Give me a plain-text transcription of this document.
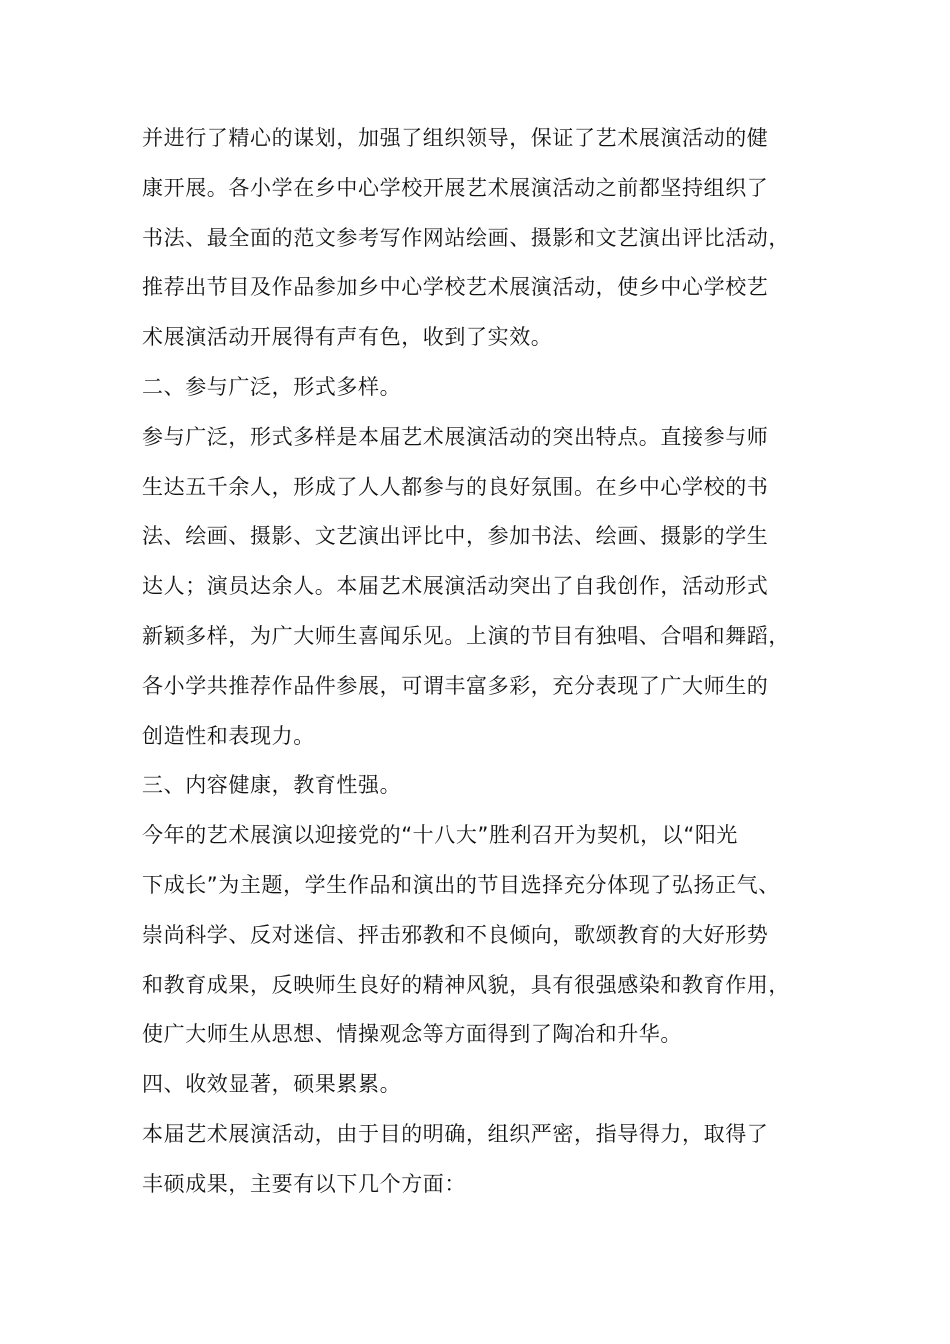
并进行了精心的谋划，加强了组织领导，保证了艺术展演活动的健
康开展。各小学在乡中心学校开展艺术展演活动之前都坚持组织了
书法、最全面的范文参考写作网站绘画、摄影和文艺演出评比活动，
推荐出节目及作品参加乡中心学校艺术展演活动，使乡中心学校艺
术展演活动开展得有声有色，收到了实效。
二、参与广泛，形式多样。
参与广泛，形式多样是本届艺术展演活动的突出特点。直接参与师
生达五千余人，形成了人人都参与的良好氛围。在乡中心学校的书
法、绘画、摄影、文艺演出评比中，参加书法、绘画、摄影的学生
达人；演员达余人。本届艺术展演活动突出了自我创作，活动形式
新颖多样，为广大师生喜闻乐见。上演的节目有独唱、合唱和舞蹈，
各小学共推荐作品件参展，可谓丰富多彩，充分表现了广大师生的
创造性和表现力。
三、内容健康，教育性强。
今年的艺术展演以迎接党的“十八大”胜利召开为契机，以“阳光
下成长”为主题，学生作品和演出的节目选择充分体现了弘扬正气、
崇尚科学、反对迷信、抨击邪教和不良倾向，歌颂教育的大好形势
和教育成果，反映师生良好的精神风貌，具有很强感染和教育作用，
使广大师生从思想、情操观念等方面得到了陶冶和升华。
四、收效显著，硕果累累。
本届艺术展演活动，由于目的明确，组织严密，指导得力，取得了
丰硕成果，主要有以下几个方面：
